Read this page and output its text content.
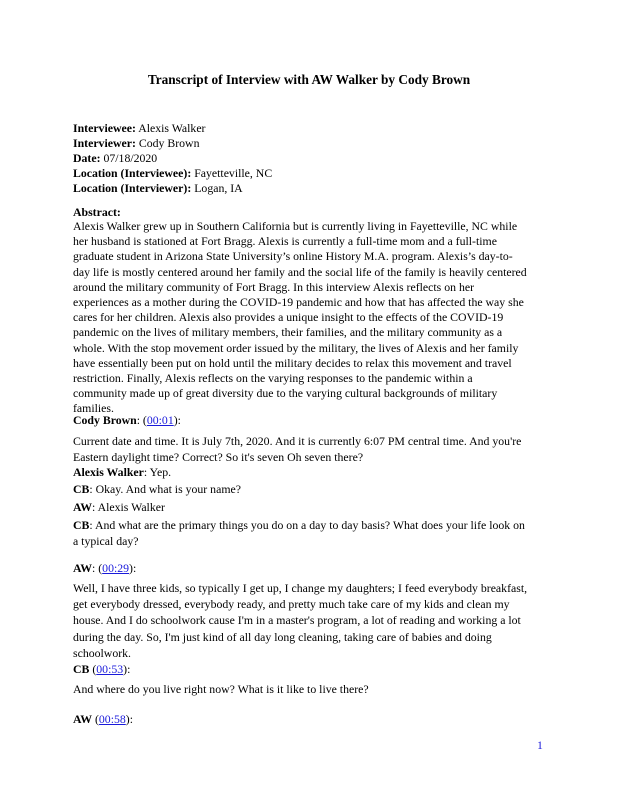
Transcript of Interview with AW Walker by Cody Brown
Interviewee: Alexis Walker
Interviewer: Cody Brown
Date: 07/18/2020
Location (Interviewee): Fayetteville, NC
Location (Interviewer): Logan, IA
Abstract:
Alexis Walker grew up in Southern California but is currently living in Fayetteville, NC while
her husband is stationed at Fort Bragg. Alexis is currently a full-time mom and a full-time
graduate student in Arizona State University’s online History M.A. program. Alexis’s day-to-
day life is mostly centered around her family and the social life of the family is heavily centered
around the military community of Fort Bragg. In this interview Alexis reflects on her
experiences as a mother during the COVID-19 pandemic and how that has affected the way she
cares for her children. Alexis also provides a unique insight to the effects of the COVID-19
pandemic on the lives of military members, their families, and the military community as a
whole. With the stop movement order issued by the military, the lives of Alexis and her family
have essentially been put on hold until the military decides to relax this movement and travel
restriction. Finally, Alexis reflects on the varying responses to the pandemic within a
community made up of great diversity due to the varying cultural backgrounds of military
families.
Cody Brown: (00:01):
Current date and time. It is July 7th, 2020. And it is currently 6:07 PM central time. And you're
Eastern daylight time? Correct? So it's seven Oh seven there?
Alexis Walker: Yep.
CB: Okay. And what is your name?
AW: Alexis Walker
CB: And what are the primary things you do on a day to day basis? What does your life look on
a typical day?
AW: (00:29):
Well, I have three kids, so typically I get up, I change my daughters; I feed everybody breakfast,
get everybody dressed, everybody ready, and pretty much take care of my kids and clean my
house. And I do schoolwork cause I'm in a master's program, a lot of reading and working a lot
during the day. So, I'm just kind of all day long cleaning, taking care of babies and doing
schoolwork.
CB (00:53):
And where do you live right now? What is it like to live there?
AW (00:58):
1
